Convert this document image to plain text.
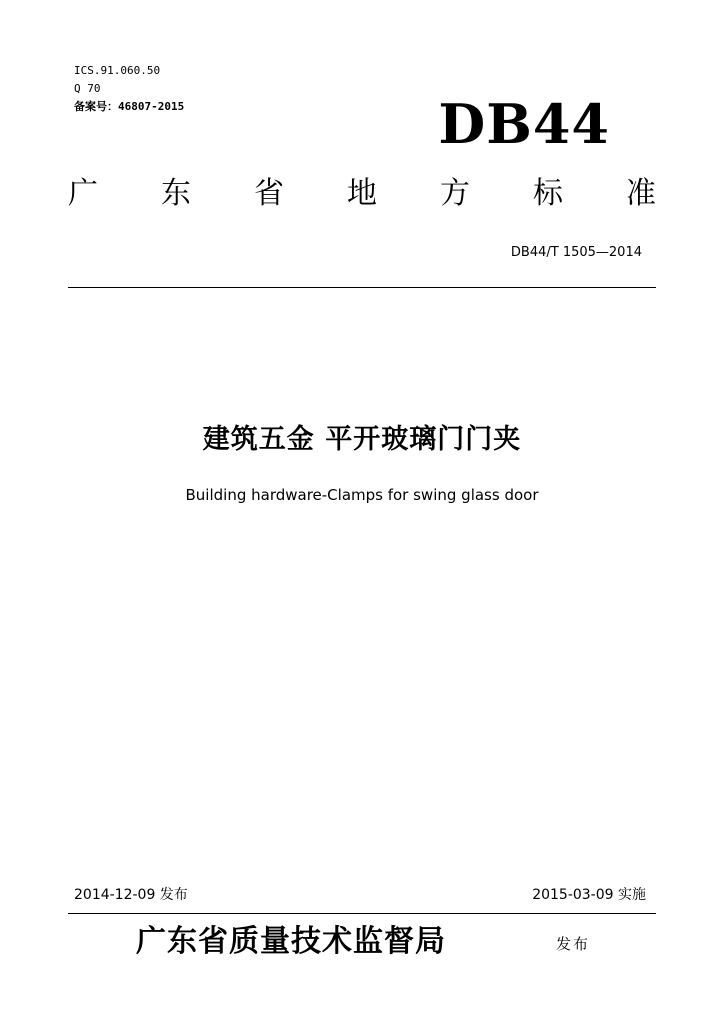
ICS.91.060.50
Q 70
备案号：46807-2015	DB44
广 东 省 地 方 标 准
DB44/T 1505—2014
建筑五金 平开玻璃门门夹
Building hardware-Clamps for swing glass door
2014-12-09 发布	2015-03-09 实施
广东省质量技术监督局	发布
